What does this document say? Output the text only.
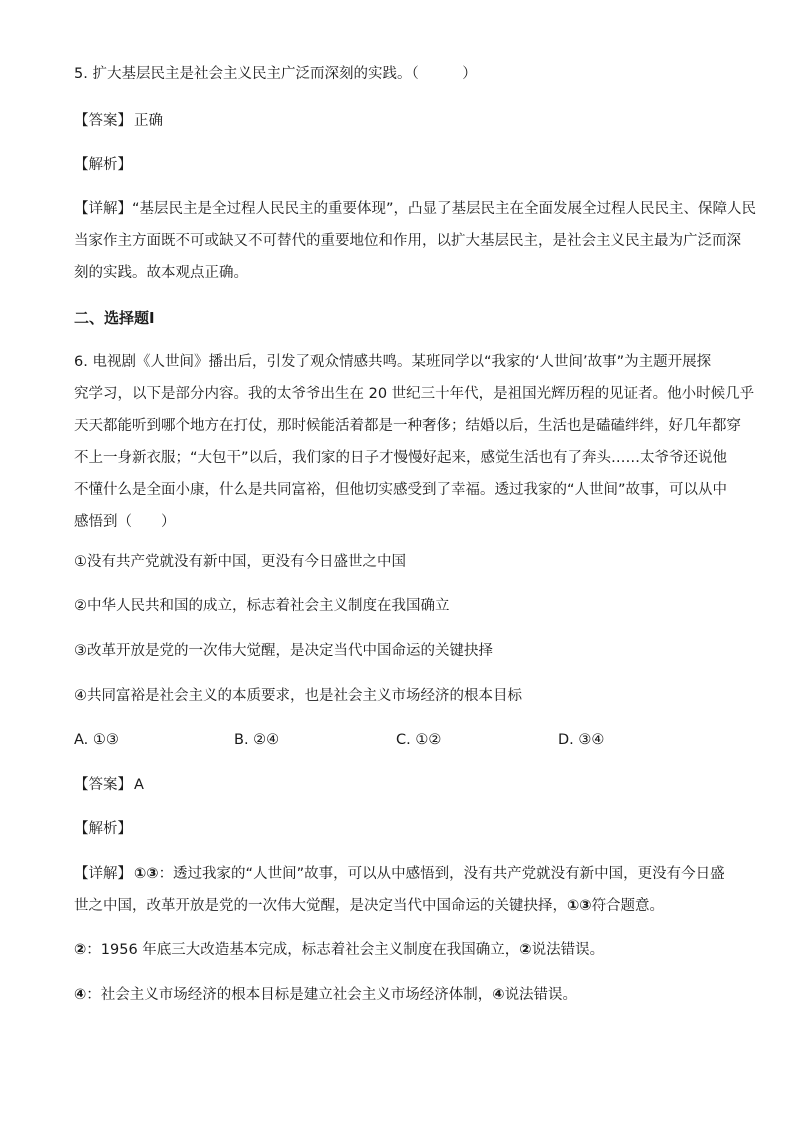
5. 扩大基层民主是社会主义民主广泛而深刻的实践。（　　　）
【答案】 正确
【解析】
【详解】“基层民主是全过程人民民主的重要体现”，凸显了基层民主在全面发展全过程人民民主、保障人民
当家作主方面既不可或缺又不可替代的重要地位和作用，以扩大基层民主，是社会主义民主最为广泛而深
刻的实践。故本观点正确。
二、选择题Ⅰ
6. 电视剧《人世间》播出后，引发了观众情感共鸣。某班同学以“我家的‘人世间’故事”为主题开展探
究学习，以下是部分内容。我的太爷爷出生在 20 世纪三十年代，是祖国光辉历程的见证者。他小时候几乎
天天都能听到哪个地方在打仗，那时候能活着都是一种奢侈；结婚以后，生活也是磕磕绊绊，好几年都穿
不上一身新衣服；“大包干”以后，我们家的日子才慢慢好起来，感觉生活也有了奔头……太爷爷还说他
不懂什么是全面小康，什么是共同富裕，但他切实感受到了幸福。透过我家的“人世间”故事，可以从中
感悟到（　　）
①没有共产党就没有新中国，更没有今日盛世之中国
②中华人民共和国的成立，标志着社会主义制度在我国确立
③改革开放是党的一次伟大觉醒，是决定当代中国命运的关键抉择
④共同富裕是社会主义的本质要求，也是社会主义市场经济的根本目标
A. ①③	B. ②④	C. ①②	D. ③④
【答案】 A
【解析】
【详解】 ①③：透过我家的“人世间”故事，可以从中感悟到，没有共产党就没有新中国，更没有今日盛
世之中国，改革开放是党的一次伟大觉醒，是决定当代中国命运的关键抉择，①③符合题意。
②：1956 年底三大改造基本完成，标志着社会主义制度在我国确立，②说法错误。
④：社会主义市场经济的根本目标是建立社会主义市场经济体制，④说法错误。
